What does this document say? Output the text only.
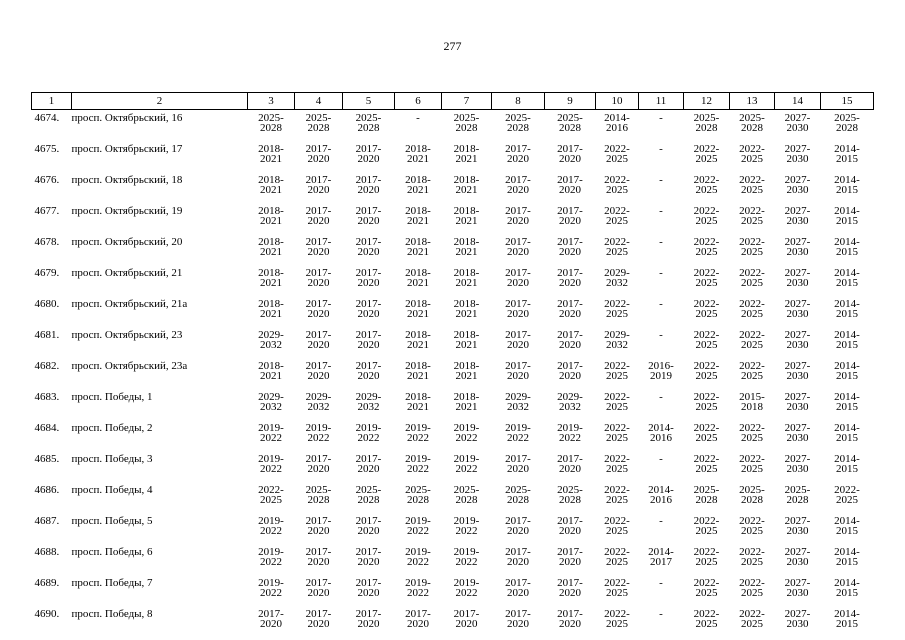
277
1	2	3	4	5	6	7	8	9	10	11	12	13	14	15
4674.	просп. Октябрьский, 16	2025-
2028	2025-
2028	2025-
2028	-	2025-
2028	2025-
2028	2025-
2028	2014-
2016	-	2025-
2028	2025-
2028	2027-
2030	2025-
2028

4675.	просп. Октябрьский, 17	2018-
2021	2017-
2020	2017-
2020	2018-
2021	2018-
2021	2017-
2020	2017-
2020	2022-
2025	-	2022-
2025	2022-
2025	2027-
2030	2014-
2015

4676.	просп. Октябрьский, 18	2018-
2021	2017-
2020	2017-
2020	2018-
2021	2018-
2021	2017-
2020	2017-
2020	2022-
2025	-	2022-
2025	2022-
2025	2027-
2030	2014-
2015

4677.	просп. Октябрьский, 19	2018-
2021	2017-
2020	2017-
2020	2018-
2021	2018-
2021	2017-
2020	2017-
2020	2022-
2025	-	2022-
2025	2022-
2025	2027-
2030	2014-
2015

4678.	просп. Октябрьский, 20	2018-
2021	2017-
2020	2017-
2020	2018-
2021	2018-
2021	2017-
2020	2017-
2020	2022-
2025	-	2022-
2025	2022-
2025	2027-
2030	2014-
2015

4679.	просп. Октябрьский, 21	2018-
2021	2017-
2020	2017-
2020	2018-
2021	2018-
2021	2017-
2020	2017-
2020	2029-
2032	-	2022-
2025	2022-
2025	2027-
2030	2014-
2015

4680.	просп. Октябрьский, 21а	2018-
2021	2017-
2020	2017-
2020	2018-
2021	2018-
2021	2017-
2020	2017-
2020	2022-
2025	-	2022-
2025	2022-
2025	2027-
2030	2014-
2015

4681.	просп. Октябрьский, 23	2029-
2032	2017-
2020	2017-
2020	2018-
2021	2018-
2021	2017-
2020	2017-
2020	2029-
2032	-	2022-
2025	2022-
2025	2027-
2030	2014-
2015

4682.	просп. Октябрьский, 23а	2018-
2021	2017-
2020	2017-
2020	2018-
2021	2018-
2021	2017-
2020	2017-
2020	2022-
2025	2016-
2019	2022-
2025	2022-
2025	2027-
2030	2014-
2015

4683.	просп. Победы, 1	2029-
2032	2029-
2032	2029-
2032	2018-
2021	2018-
2021	2029-
2032	2029-
2032	2022-
2025	-	2022-
2025	2015-
2018	2027-
2030	2014-
2015

4684.	просп. Победы, 2	2019-
2022	2019-
2022	2019-
2022	2019-
2022	2019-
2022	2019-
2022	2019-
2022	2022-
2025	2014-
2016	2022-
2025	2022-
2025	2027-
2030	2014-
2015

4685.	просп. Победы, 3	2019-
2022	2017-
2020	2017-
2020	2019-
2022	2019-
2022	2017-
2020	2017-
2020	2022-
2025	-	2022-
2025	2022-
2025	2027-
2030	2014-
2015

4686.	просп. Победы, 4	2022-
2025	2025-
2028	2025-
2028	2025-
2028	2025-
2028	2025-
2028	2025-
2028	2022-
2025	2014-
2016	2025-
2028	2025-
2028	2025-
2028	2022-
2025

4687.	просп. Победы, 5	2019-
2022	2017-
2020	2017-
2020	2019-
2022	2019-
2022	2017-
2020	2017-
2020	2022-
2025	-	2022-
2025	2022-
2025	2027-
2030	2014-
2015

4688.	просп. Победы, 6	2019-
2022	2017-
2020	2017-
2020	2019-
2022	2019-
2022	2017-
2020	2017-
2020	2022-
2025	2014-
2017	2022-
2025	2022-
2025	2027-
2030	2014-
2015

4689.	просп. Победы, 7	2019-
2022	2017-
2020	2017-
2020	2019-
2022	2019-
2022	2017-
2020	2017-
2020	2022-
2025	-	2022-
2025	2022-
2025	2027-
2030	2014-
2015

4690.	просп. Победы, 8	2017-
2020	2017-
2020	2017-
2020	2017-
2020	2017-
2020	2017-
2020	2017-
2020	2022-
2025	-	2022-
2025	2022-
2025	2027-
2030	2014-
2015
